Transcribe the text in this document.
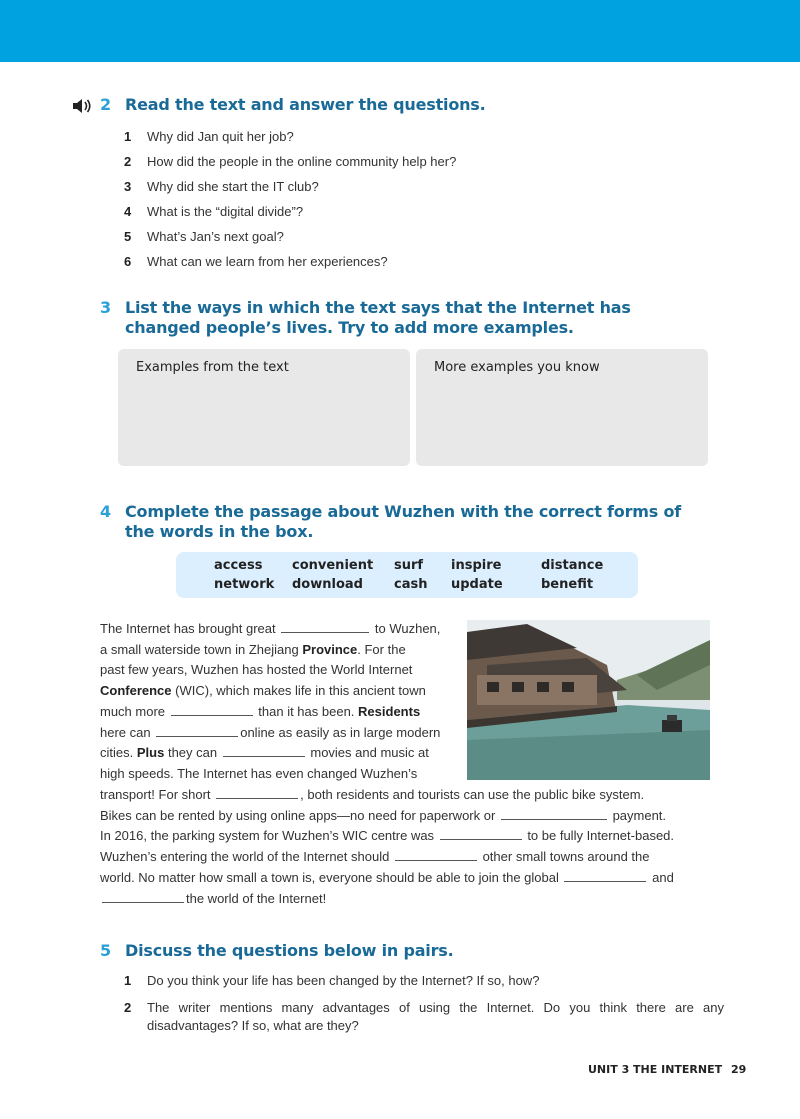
2 Read the text and answer the questions.
1 Why did Jan quit her job?
2 How did the people in the online community help her?
3 Why did she start the IT club?
4 What is the “digital divide”?
5 What’s Jan’s next goal?
6 What can we learn from her experiences?
3 List the ways in which the text says that the Internet has changed people’s lives. Try to add more examples.
Examples from the text	More examples you know
4 Complete the passage about Wuzhen with the correct forms of the words in the box.
access convenient surf inspire	distance
network download cash update	benefit

The Internet has brought great	to Wuzhen,
a small waterside town in Zhejiang Province. For the
past few years, Wuzhen has hosted the World Internet
Conference (WIC), which makes life in this ancient town
much more	than it has been. Residents
here can	online as easily as in large modern
cities. Plus they can	movies and music at
high speeds. The Internet has even changed Wuzhen’s

transport! For short	, both residents and tourists can use the public bike system.
Bikes can be rented by using online apps—no need for paperwork or	payment.
In 2016, the parking system for Wuzhen’s WIC centre was	to be fully Internet-based.
Wuzhen’s entering the world of the Internet should	other small towns around the
world. No matter how small a town is, everyone should be able to join the global	and
the world of the Internet!

5 Discuss the questions below in pairs.
1 Do you think your life has been changed by the Internet? If so, how?
2	The writer mentions many advantages of using the Internet. Do you think there are any disadvantages? If so, what are they?
UNIT 3 THE INTERNET 29
